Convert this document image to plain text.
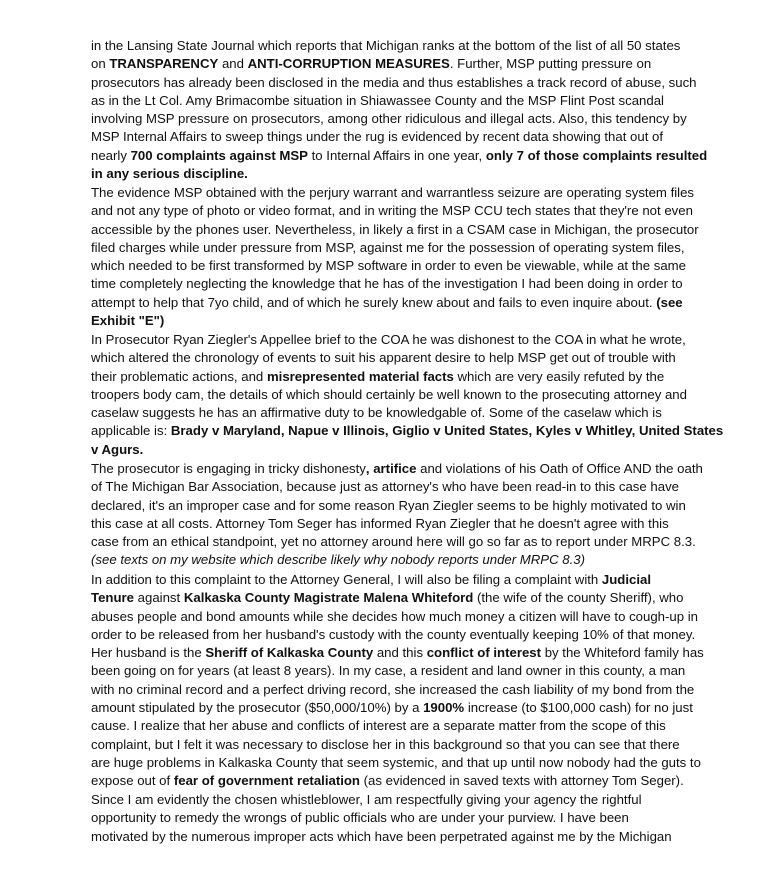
in the Lansing State Journal which reports that Michigan ranks at the bottom of the list of all 50 states
on TRANSPARENCY and ANTI-CORRUPTION MEASURES. Further, MSP putting pressure on
prosecutors has already been disclosed in the media and thus establishes a track record of abuse, such
as in the Lt Col. Amy Brimacombe situation in Shiawassee County and the MSP Flint Post scandal
involving MSP pressure on prosecutors, among other ridiculous and illegal acts. Also, this tendency by
MSP Internal Affairs to sweep things under the rug is evidenced by recent data showing that out of
nearly 700 complaints against MSP to Internal Affairs in one year, only 7 of those complaints resulted
in any serious discipline.

The evidence MSP obtained with the perjury warrant and warrantless seizure are operating system files
and not any type of photo or video format, and in writing the MSP CCU tech states that they're not even
accessible by the phones user. Nevertheless, in likely a first in a CSAM case in Michigan, the prosecutor
filed charges while under pressure from MSP, against me for the possession of operating system files,
which needed to be first transformed by MSP software in order to even be viewable, while at the same
time completely neglecting the knowledge that he has of the investigation I had been doing in order to
attempt to help that 7yo child, and of which he surely knew about and fails to even inquire about. (see
Exhibit "E")

In Prosecutor Ryan Ziegler's Appellee brief to the COA he was dishonest to the COA in what he wrote,
which altered the chronology of events to suit his apparent desire to help MSP get out of trouble with
their problematic actions, and misrepresented material facts which are very easily refuted by the
troopers body cam, the details of which should certainly be well known to the prosecuting attorney and
caselaw suggests he has an affirmative duty to be knowledgable of. Some of the caselaw which is
applicable is: Brady v Maryland, Napue v Illinois, Giglio v United States, Kyles v Whitley, United States
v Agurs.

The prosecutor is engaging in tricky dishonesty, artifice and violations of his Oath of Office AND the oath
of The Michigan Bar Association, because just as attorney's who have been read-in to this case have
declared, it's an improper case and for some reason Ryan Ziegler seems to be highly motivated to win
this case at all costs. Attorney Tom Seger has informed Ryan Ziegler that he doesn't agree with this
case from an ethical standpoint, yet no attorney around here will go so far as to report under MRPC 8.3.
(see texts on my website which describe likely why nobody reports under MRPC 8.3)

In addition to this complaint to the Attorney General, I will also be filing a complaint with Judicial
Tenure against Kalkaska County Magistrate Malena Whiteford (the wife of the county Sheriff), who
abuses people and bond amounts while she decides how much money a citizen will have to cough-up in
order to be released from her husband's custody with the county eventually keeping 10% of that money.
Her husband is the Sheriff of Kalkaska County and this conflict of interest by the Whiteford family has
been going on for years (at least 8 years). In my case, a resident and land owner in this county, a man
with no criminal record and a perfect driving record, she increased the cash liability of my bond from the
amount stipulated by the prosecutor ($50,000/10%) by a 1900% increase (to $100,000 cash) for no just
cause. I realize that her abuse and conflicts of interest are a separate matter from the scope of this
complaint, but I felt it was necessary to disclose her in this background so that you can see that there
are huge problems in Kalkaska County that seem systemic, and that up until now nobody had the guts to
expose out of fear of government retaliation (as evidenced in saved texts with attorney Tom Seger).

Since I am evidently the chosen whistleblower, I am respectfully giving your agency the rightful
opportunity to remedy the wrongs of public officials who are under your purview. I have been
motivated by the numerous improper acts which have been perpetrated against me by the Michigan
